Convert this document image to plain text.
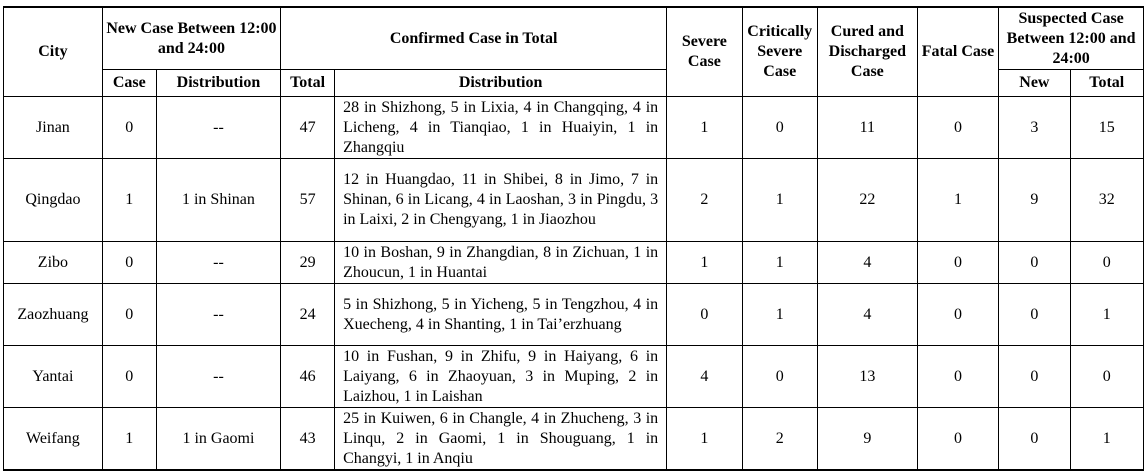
City	New Case Between 12:00 and 24:00		Confirmed Case in Total		Severe Case	Critically Severe Case	Cured and Discharged Case	Fatal Case	Suspected Case Between 12:00 and 24:00	
	Case	Distribution	Total	Distribution					New	Total
Jinan	0	--	47	28 in Shizhong, 5 in Lixia, 4 in Changqing, 4 in Licheng, 4 in Tianqiao, 1 in Huaiyin, 1 in Zhangqiu	1	0	11	0	3	15
Qingdao	1	1 in Shinan	57	12 in Huangdao, 11 in Shibei, 8 in Jimo, 7 in Shinan, 6 in Licang, 4 in Laoshan, 3 in Pingdu, 3 in Laixi, 2 in Chengyang, 1 in Jiaozhou	2	1	22	1	9	32
Zibo	0	--	29	10 in Boshan, 9 in Zhangdian, 8 in Zichuan, 1 in Zhoucun, 1 in Huantai	1	1	4	0	0	0
Zaozhuang	0	--	24	5 in Shizhong, 5 in Yicheng, 5 in Tengzhou, 4 in Xuecheng, 4 in Shanting, 1 in Tai’erzhuang	0	1	4	0	0	1
Yantai	0	--	46	10 in Fushan, 9 in Zhifu, 9 in Haiyang, 6 in Laiyang, 6 in Zhaoyuan, 3 in Muping, 2 in Laizhou, 1 in Laishan	4	0	13	0	0	0
Weifang	1	1 in Gaomi	43	25 in Kuiwen, 6 in Changle, 4 in Zhucheng, 3 in Linqu, 2 in Gaomi, 1 in Shouguang, 1 in Changyi, 1 in Anqiu	1	2	9	0	0	1
